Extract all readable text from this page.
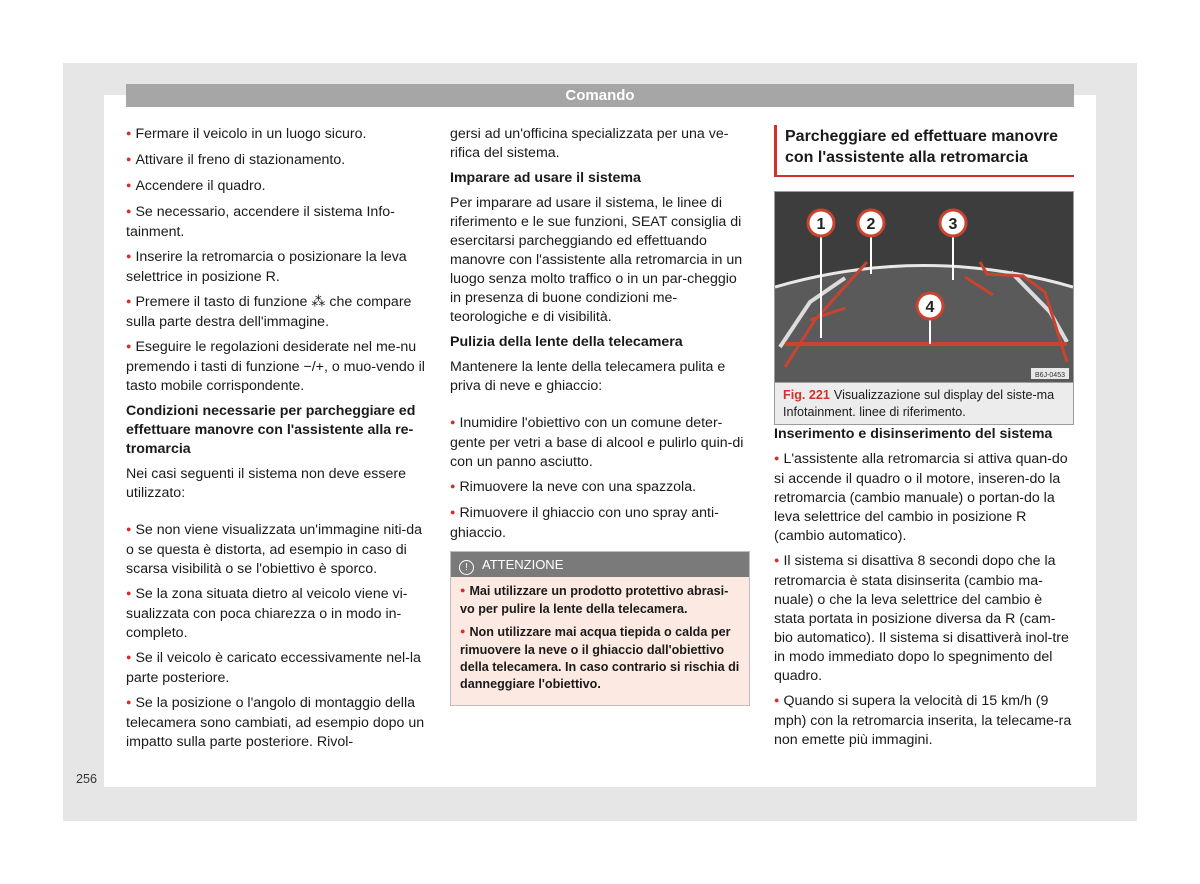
Comando

● Fermare il veicolo in un luogo sicuro.

● Attivare il freno di stazionamento.

● Accendere il quadro.

● Se necessario, accendere il sistema Info-tainment.

● Inserire la retromarcia o posizionare la leva selettrice in posizione R.

● Premere il tasto di funzione ⁂ che compare sulla parte destra dell'immagine.

● Eseguire le regolazioni desiderate nel me-nu premendo i tasti di funzione −/+, o muo-vendo il tasto mobile corrispondente.

Condizioni necessarie per parcheggiare ed effettuare manovre con l'assistente alla re-tromarcia

Nei casi seguenti il sistema non deve essere utilizzato:

● Se non viene visualizzata un'immagine niti-da o se questa è distorta, ad esempio in caso di scarsa visibilità o se l'obiettivo è sporco.

● Se la zona situata dietro al veicolo viene vi-sualizzata con poca chiarezza o in modo in-completo.

● Se il veicolo è caricato eccessivamente nel-la parte posteriore.

● Se la posizione o l'angolo di montaggio della telecamera sono cambiati, ad esempio dopo un impatto sulla parte posteriore. Rivol-

gersi ad un'officina specializzata per una ve-rifica del sistema.

Imparare ad usare il sistema

Per imparare ad usare il sistema, le linee di riferimento e le sue funzioni, SEAT consiglia di esercitarsi parcheggiando ed effettuando manovre con l'assistente alla retromarcia in un luogo senza molto traffico o in un par-cheggio in presenza di buone condizioni me-teorologiche e di visibilità.

Pulizia della lente della telecamera

Mantenere la lente della telecamera pulita e priva di neve e ghiaccio:

● Inumidire l'obiettivo con un comune deter-gente per vetri a base di alcool e pulirlo quin-di con un panno asciutto.

● Rimuovere la neve con una spazzola.

● Rimuovere il ghiaccio con uno spray anti-ghiaccio.

! ATTENZIONE

● Mai utilizzare un prodotto protettivo abrasi-vo per pulire la lente della telecamera.

● Non utilizzare mai acqua tiepida o calda per rimuovere la neve o il ghiaccio dall'obiettivo della telecamera. In caso contrario si rischia di danneggiare l'obiettivo.

Parcheggiare ed effettuare manovre con l'assistente alla retromarcia
1	2	3
4
B6J-0453
Fig. 221 Visualizzazione sul display del siste-ma Infotainment. linee di riferimento.

Inserimento e disinserimento del sistema

● L'assistente alla retromarcia si attiva quan-do si accende il quadro o il motore, inseren-do la retromarcia (cambio manuale) o portan-do la leva selettrice del cambio in posizione R (cambio automatico).

● Il sistema si disattiva 8 secondi dopo che la retromarcia è stata disinserita (cambio ma-nuale) o che la leva selettrice del cambio è stata portata in posizione diversa da R (cam-bio automatico). Il sistema si disattiverà inol-tre in modo immediato dopo lo spegnimento del quadro.

● Quando si supera la velocità di 15 km/h (9 mph) con la retromarcia inserita, la telecame-ra non emette più immagini.

256
